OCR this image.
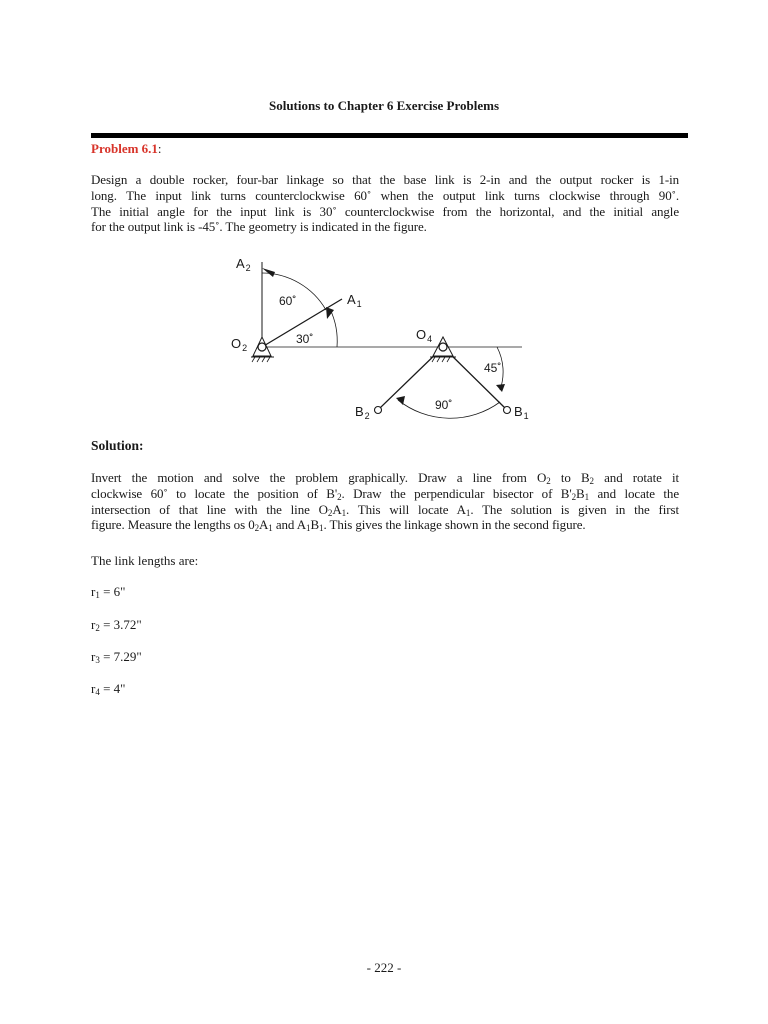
Solutions to Chapter 6 Exercise Problems
Problem 6.1:
Design a double rocker, four-bar linkage so that the base link is 2-in and the output rocker is 1-in
long. The input link turns counterclockwise 60˚ when the output link turns clockwise through 90˚.
The initial angle for the input link is 30˚ counterclockwise from the horizontal, and the initial angle
for the output link is -45˚. The geometry is indicated in the figure.
$A_2$
$A_1$
$O_2$
$O_4$
$B_2$	$B_1$
60˚
30˚
45˚
90˚
Solution:
Invert the motion and solve the problem graphically. Draw a line from $O_2$ to $B_2$ and rotate it
clockwise 60˚ to locate the position of $B'_2$. Draw the perpendicular bisector of $B'_2B_1$ and locate the
intersection of that line with the line $O_2A_1$. This will locate $A_1$. The solution is given in the first
figure. Measure the lengths os $0_2A_1$ and $A_1B_1$. This gives the linkage shown in the second figure.
The link lengths are:
$r_1 = 6$"
$r_2 = 3.72$"
$r_3 = 7.29$"
$r_4 = 4$"
- 222 -
